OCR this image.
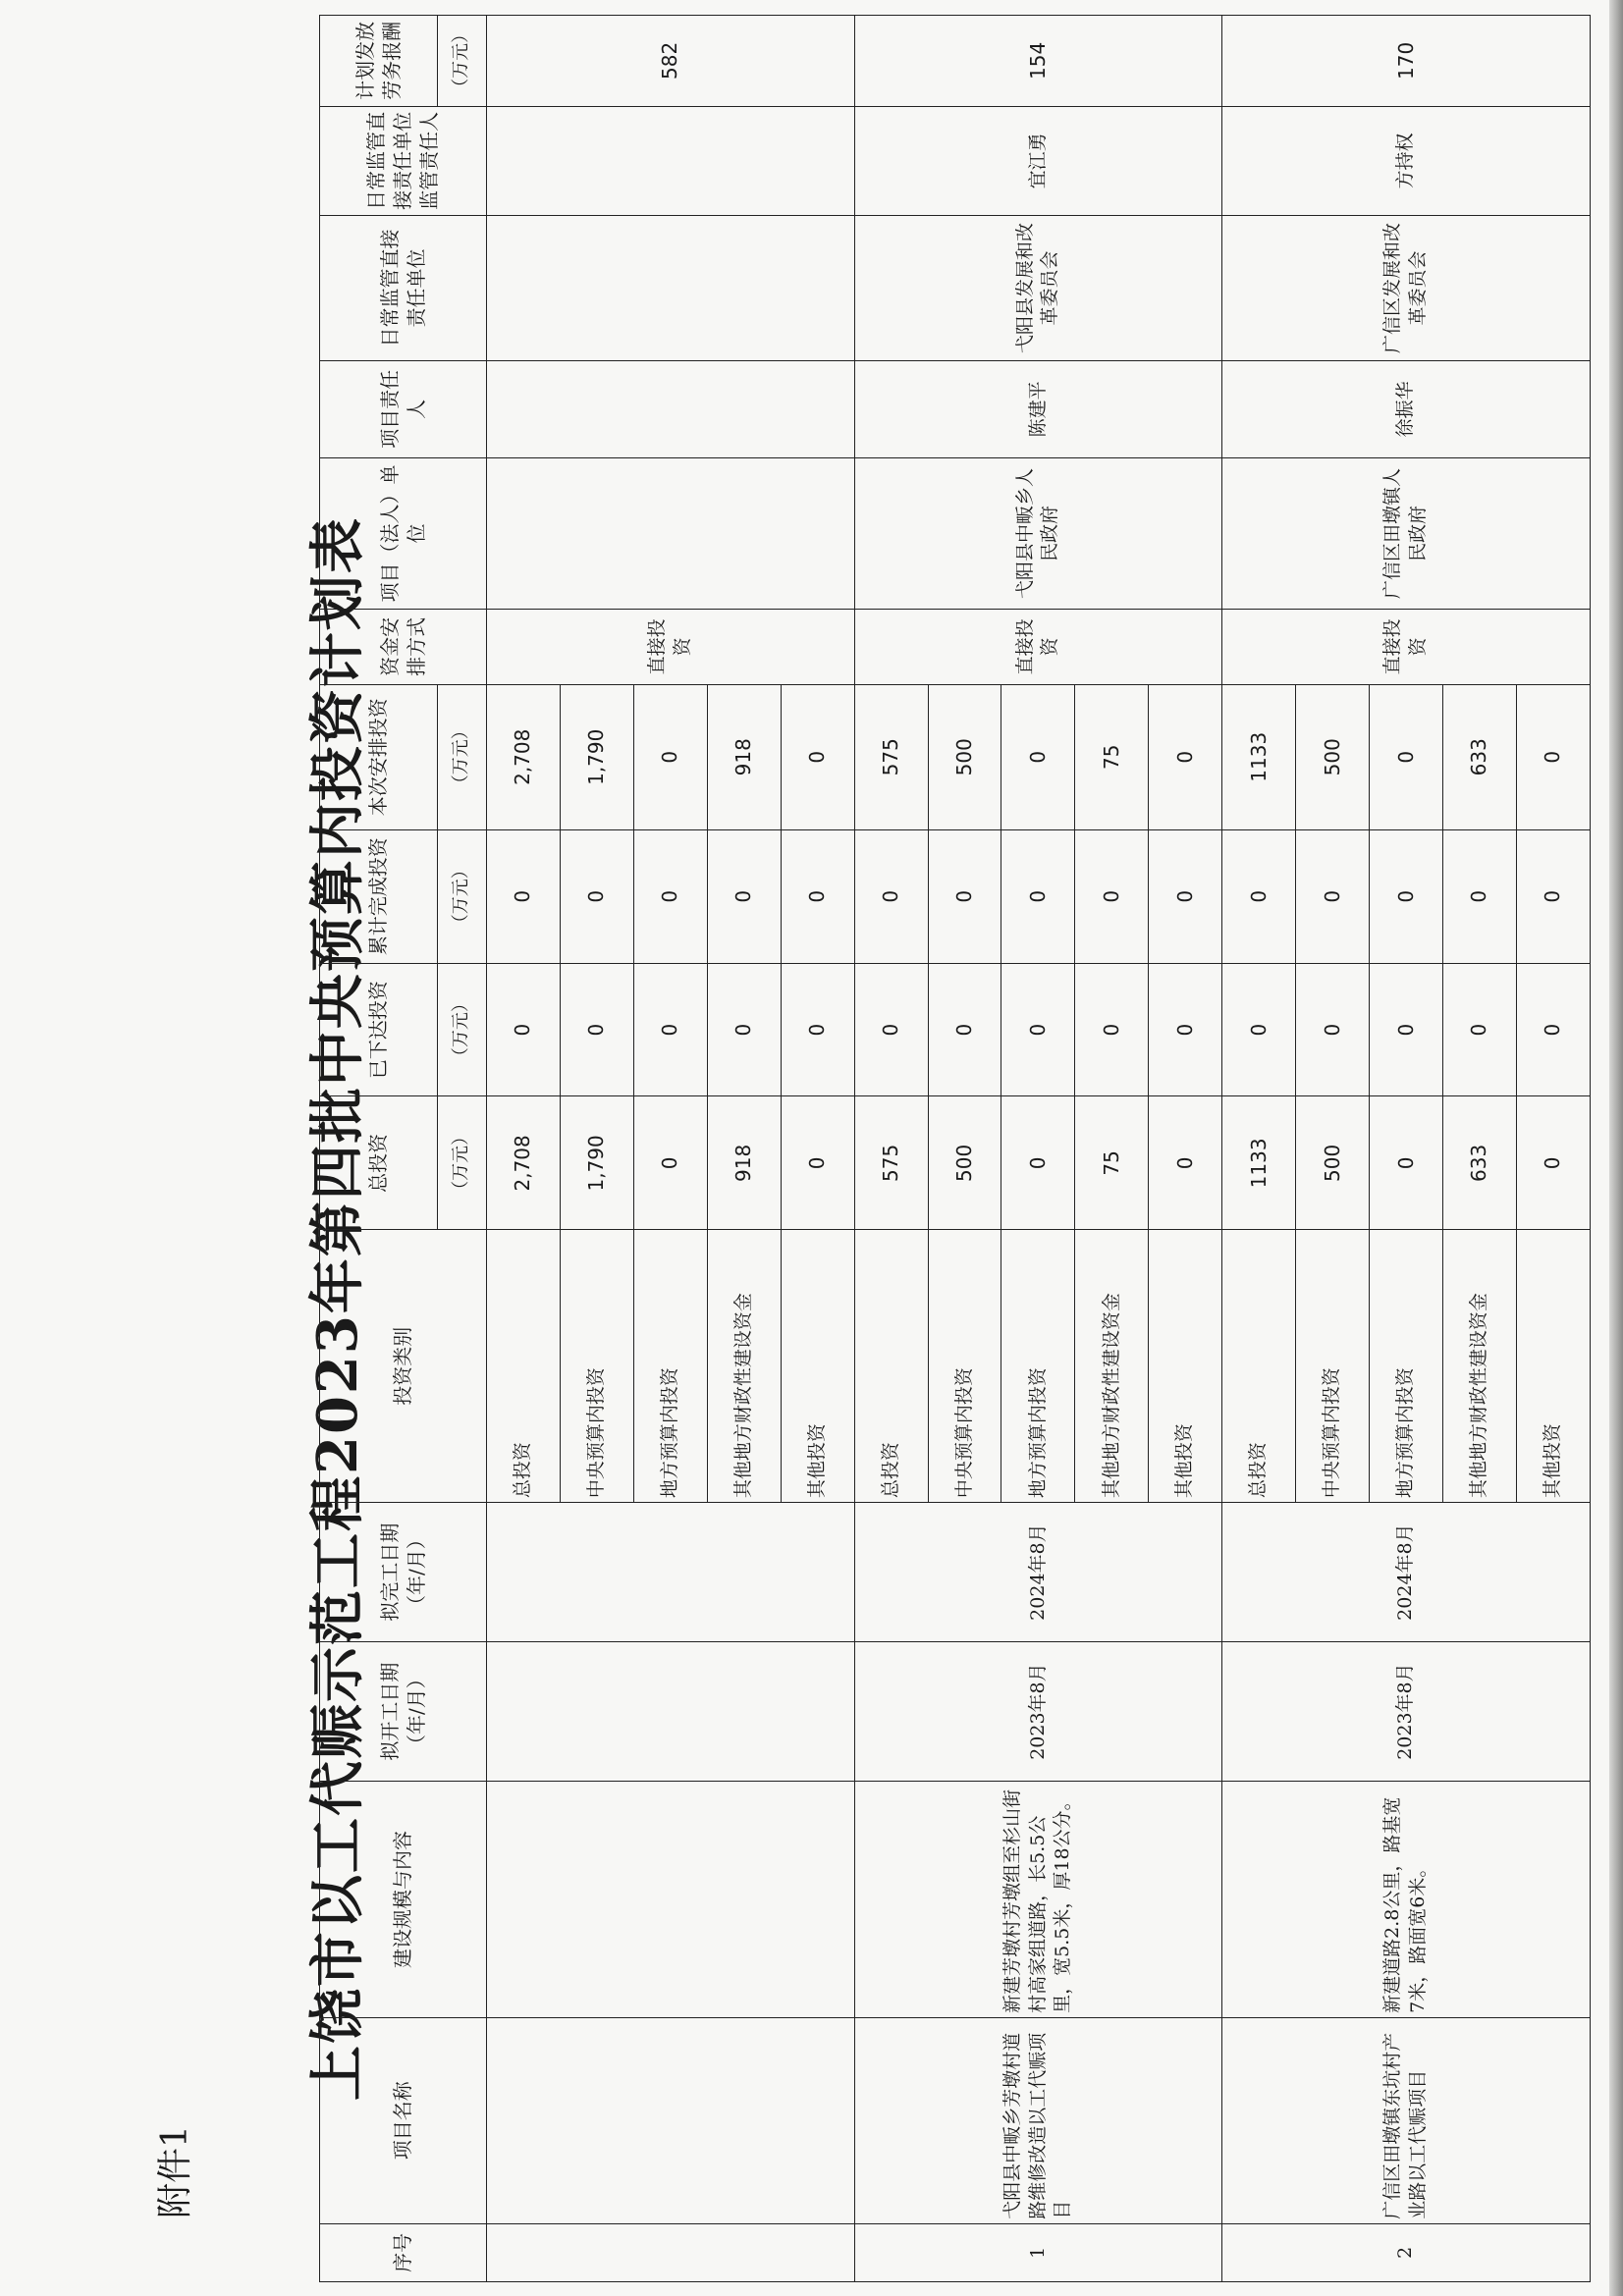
附件1
上饶市以工代赈示范工程2023年第四批中央预算内投资计划表
序号	项目名称	建设规模与内容	拟开工日期（年/月）	拟完工日期（年/月）	投资类别	总投资	已下达投资	累计完成投资	本次安排投资	资金安排方式	项目（法人）单位	项目责任人	日常监管直接责任单位	日常监管直接责任单位监管责任人	计划发放劳务报酬
						（万元）	（万元）	（万元）	（万元）						（万元）
					总投资	2,708	0	0	2,708	直接投资					582
					中央预算内投资	1,790	0	0	1,790						
					地方预算内投资	0	0	0	0						
					其他地方财政性建设资金	918	0	0	918						
					其他投资	0	0	0	0						
1	弋阳县中畈乡芳墩村道路维修改造以工代赈项目	新建芳墩村芳墩组至杉山街村高家组道路，长5.5公里，宽5.5米，厚18公分。	2023年8月	2024年8月	总投资	575	0	0	575	直接投资	弋阳县中畈乡人民政府	陈建平	弋阳县发展和改革委员会	宜江勇	154
					中央预算内投资	500	0	0	500						
					地方预算内投资	0	0	0	0						
					其他地方财政性建设资金	75	0	0	75						
					其他投资	0	0	0	0						
2	广信区田墩镇东坑村产业路以工代赈项目	新建道路2.8公里，路基宽7米，路面宽6米。	2023年8月	2024年8月	总投资	1133	0	0	1133	直接投资	广信区田墩镇人民政府	徐振华	广信区发展和改革委员会	方持权	170
					中央预算内投资	500	0	0	500						
					地方预算内投资	0	0	0	0						
					其他地方财政性建设资金	633	0	0	633						
					其他投资	0	0	0	0						
